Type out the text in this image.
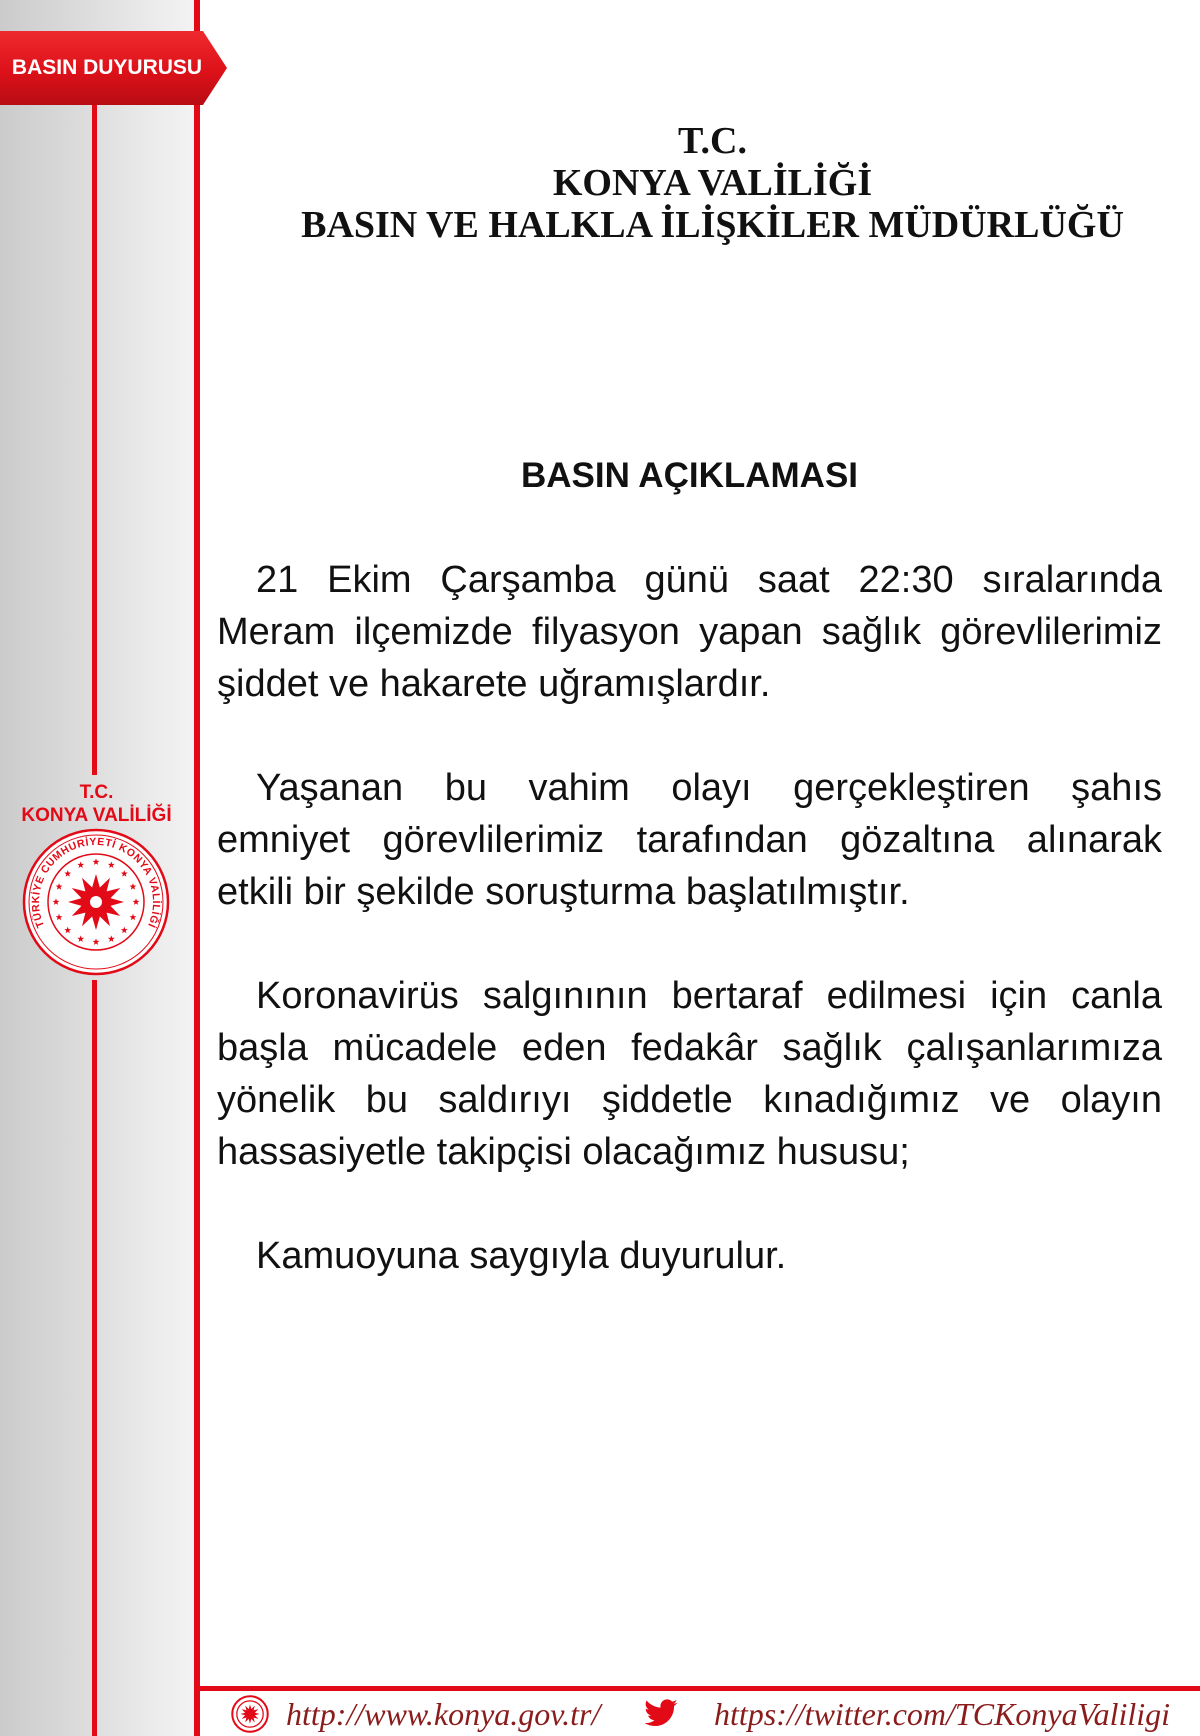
BASIN DUYURUSU
T.C.
KONYA VALİLİĞİ
TÜRKİYE CUMHURİYETİ KONYA VALİLİĞİ
T.C.
KONYA VALİLİĞİ
BASIN VE HALKLA İLİŞKİLER MÜDÜRLÜĞÜ
BASIN AÇIKLAMASI
21 Ekim Çarşamba günü saat 22:30 sıralarında
Meram ilçemizde filyasyon yapan sağlık görevlilerimiz
şiddet ve hakarete uğramışlardır.
Yaşanan bu vahim olayı gerçekleştiren şahıs
emniyet görevlilerimiz tarafından gözaltına alınarak
etkili bir şekilde soruşturma başlatılmıştır.
Koronavirüs salgınının bertaraf edilmesi için canla
başla mücadele eden fedakâr sağlık çalışanlarımıza
yönelik bu saldırıyı şiddetle kınadığımız ve olayın
hassasiyetle takipçisi olacağımız hususu;
Kamuoyuna saygıyla duyurulur.
http://www.konya.gov.tr/	https://twitter.com/TCKonyaValiligi
